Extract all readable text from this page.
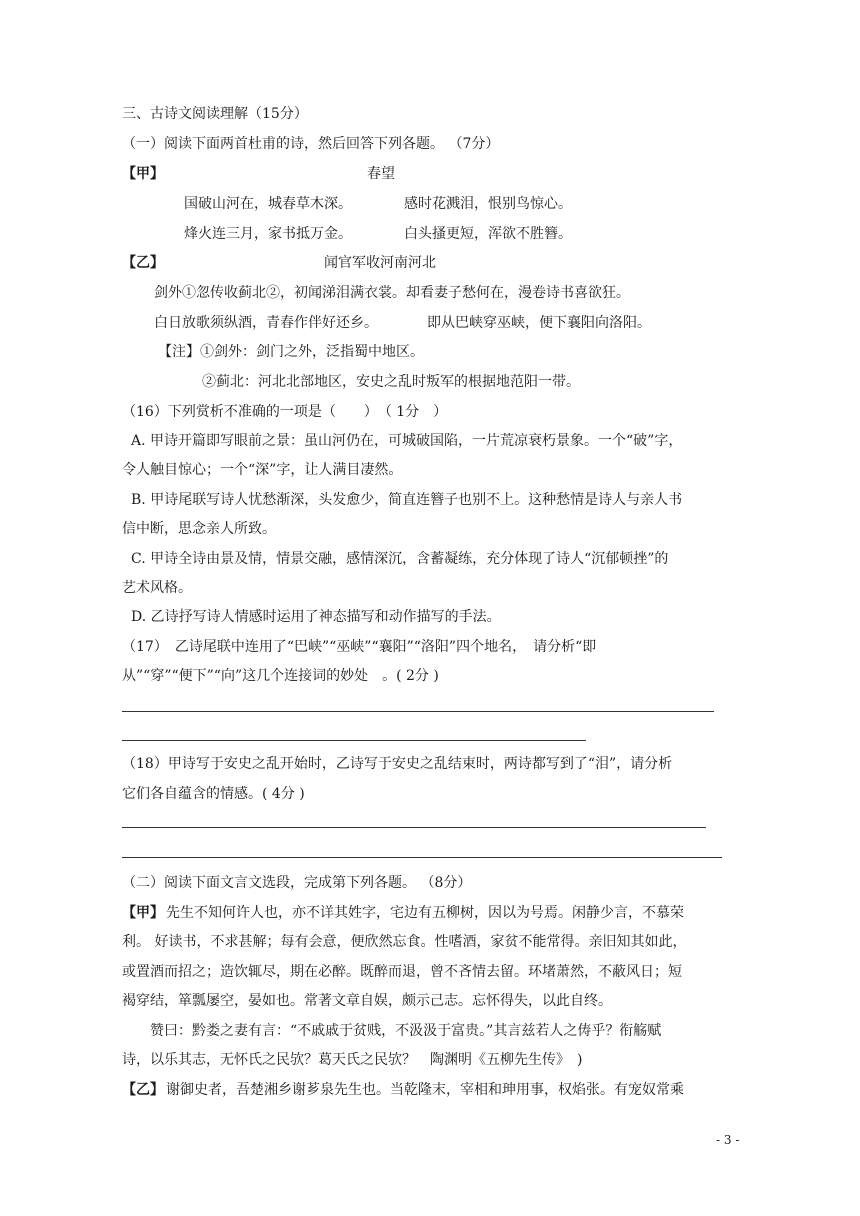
三、古诗文阅读理解（15分）
（一）阅读下面两首杜甫的诗，然后回答下列各题。 （7分）
【甲】	春望
国破山河在，城春草木深。	感时花溅泪，恨别鸟惊心。
烽火连三月，家书抵万金。	白头搔更短，浑欲不胜簪。
【乙】	闻官军收河南河北
剑外①忽传收蓟北②，初闻涕泪满衣裳。却看妻子愁何在，漫卷诗书喜欲狂。
白日放歌须纵酒，青春作伴好还乡。	即从巴峡穿巫峡，便下襄阳向洛阳。
【注】①剑外：剑门之外，泛指蜀中地区。
②蓟北：河北北部地区，安史之乱时叛军的根据地范阳一带。
（16）下列赏析不准确的一项是（　　）　（ 1分　）
A. 甲诗开篇即写眼前之景：虽山河仍在，可城破国陷，一片荒凉衰朽景象。一个“破”字，
令人触目惊心；一个“深”字，让人满目凄然。
B. 甲诗尾联写诗人忧愁渐深，头发愈少，简直连簪子也别不上。这种愁情是诗人与亲人书
信中断，思念亲人所致。
C. 甲诗全诗由景及情，情景交融，感情深沉，含蓄凝练，充分体现了诗人“沉郁顿挫”的
艺术风格。
D. 乙诗抒写诗人情感时运用了神态描写和动作描写的手法。
（17）　乙诗尾联中连用了“巴峡”“巫峡”“襄阳”“洛阳”四个地名，　请分析“即
从”“穿”“便下”“向”这几个连接词的妙处　。( 2分 )
（18）甲诗写于安史之乱开始时，乙诗写于安史之乱结束时，两诗都写到了“泪”，请分析
它们各自蕴含的情感。( 4分 )
（二）阅读下面文言文选段，完成第下列各题。 （8分）
【甲】 先生不知何许人也，亦不详其姓字，宅边有五柳树，因以为号焉。闲静少言，不慕荣
利。 好读书，不求甚解；每有会意，便欣然忘食。性嗜酒，家贫不能常得。亲旧知其如此，
或置酒而招之；造饮辄尽，期在必醉。既醉而退，曾不吝情去留。环堵萧然，不蔽风日；短
褐穿结，箪瓢屡空，晏如也。常著文章自娱，颇示己志。忘怀得失，以此自终。
赞曰：黔娄之妻有言：“不戚戚于贫贱，不汲汲于富贵。”其言兹若人之俦乎？衔觞赋
诗，以乐其志，无怀氏之民欤？葛天氏之民欤？　陶渊明《五柳先生传》　)
【乙】 谢御史者，吾楚湘乡谢芗泉先生也。当乾隆末，宰相和珅用事，权焰张。有宠奴常乘
- 3 -
